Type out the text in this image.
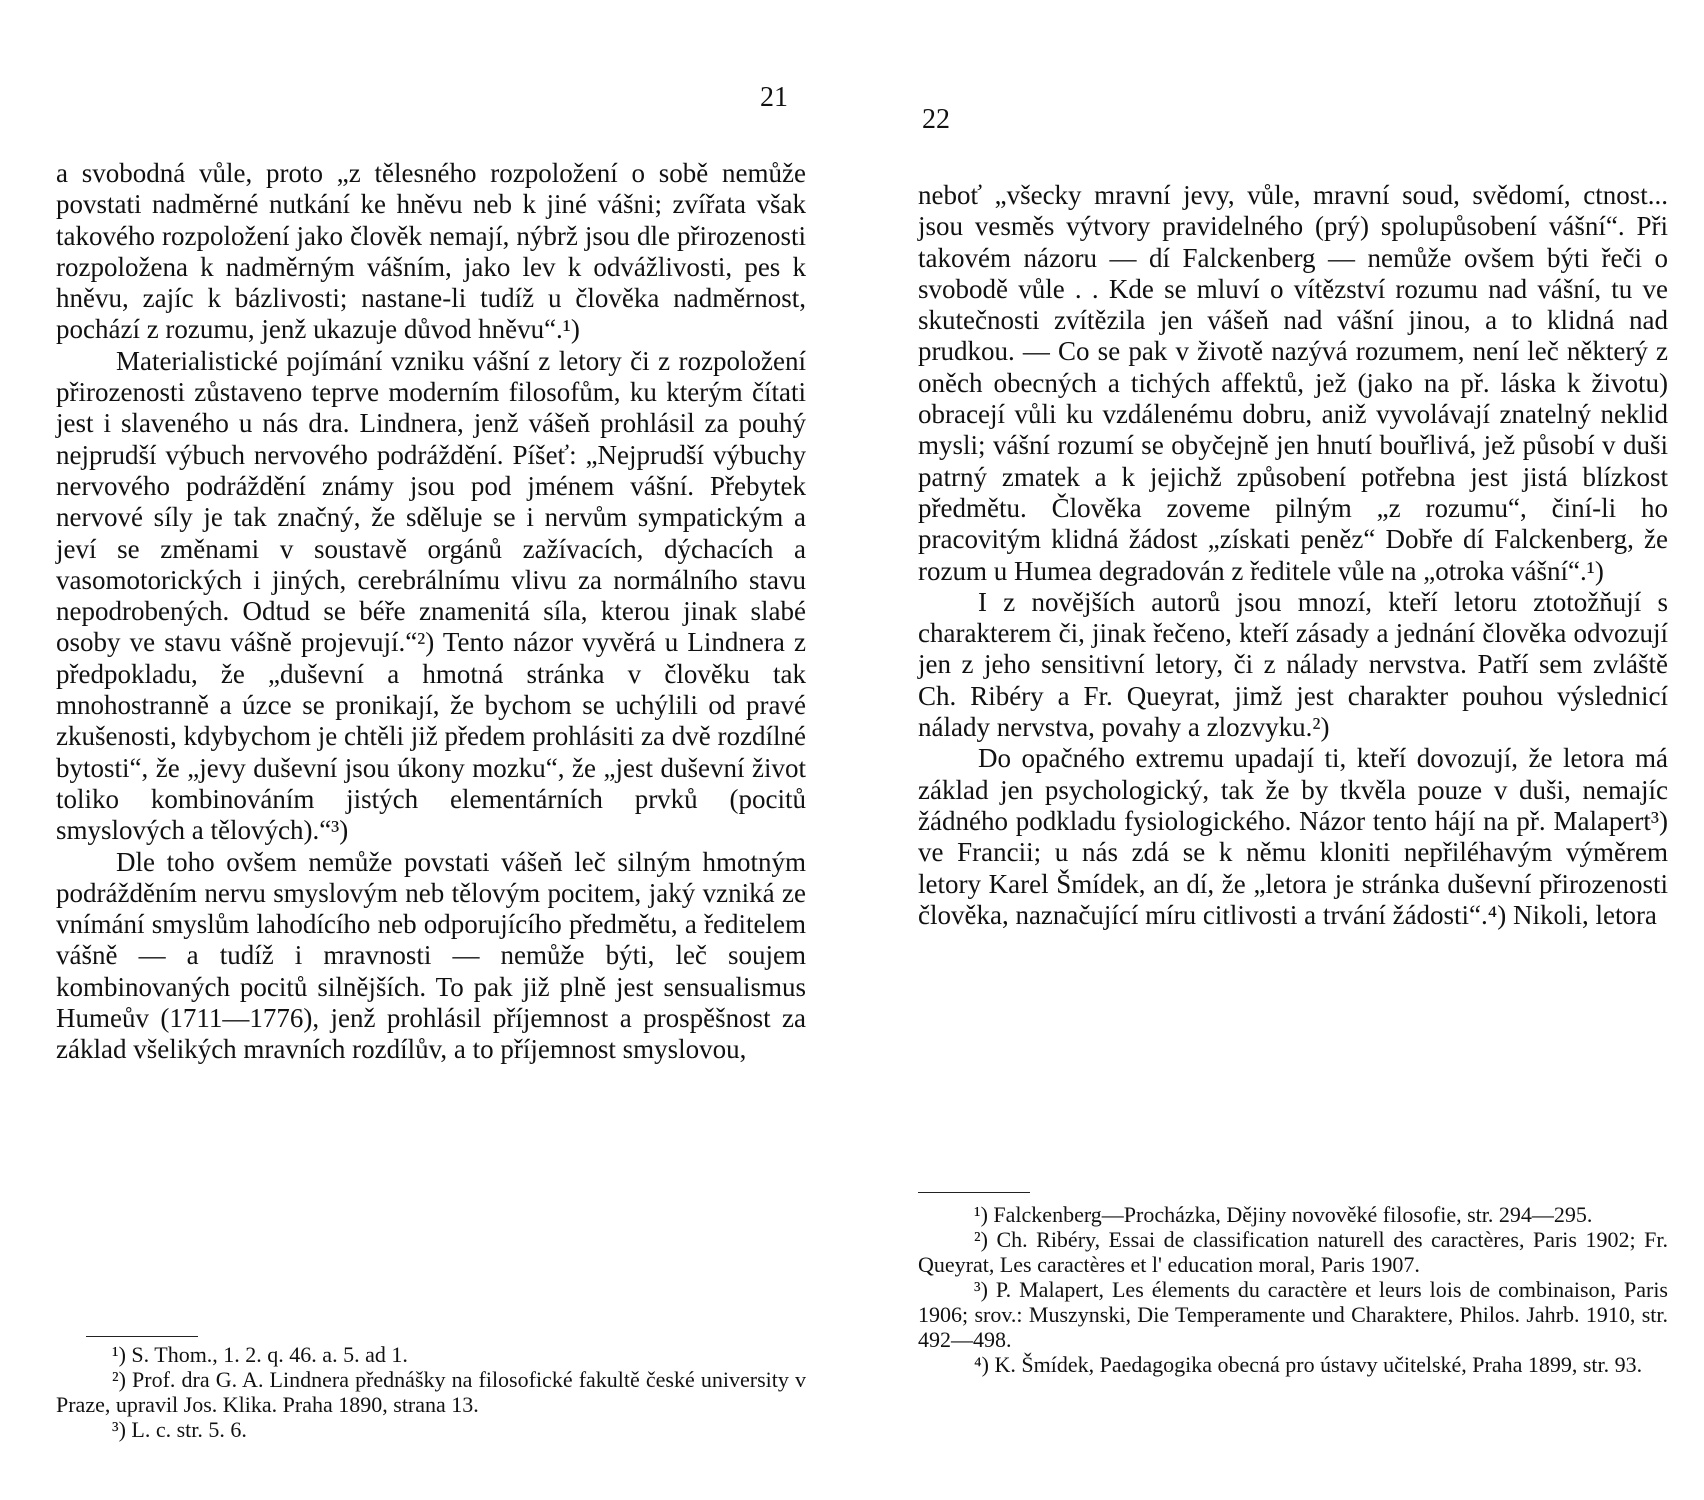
21

a svobodná vůle, proto „z tělesného rozpoložení o sobě nemůže povstati nadměrné nutkání ke hněvu neb k jiné vášni; zvířata však takového rozpoložení jako člověk nemají, nýbrž jsou dle přirozenosti rozpoložena k nadměrným vášním, jako lev k odvážlivosti, pes k hněvu, zajíc k bázlivosti; nastane-li tudíž u člověka nadměrnost, pochází z rozumu, jenž ukazuje důvod hněvu“.¹)

Materialistické pojímání vzniku vášní z letory či z rozpoložení přirozenosti zůstaveno teprve moderním filosofům, ku kterým čítati jest i slaveného u nás dra. Lindnera, jenž vášeň prohlásil za pouhý nejprudší výbuch nervového podráždění. Píšeť: „Nejprudší výbuchy nervového podráždění známy jsou pod jménem vášní. Přebytek nervové síly je tak značný, že sděluje se i nervům sympatickým a jeví se změnami v soustavě orgánů zažívacích, dýchacích a vasomotorických i jiných, cerebrálnímu vlivu za normálního stavu nepodrobených. Odtud se béře znamenitá síla, kterou jinak slabé osoby ve stavu vášně projevují.“²) Tento názor vyvěrá u Lindnera z předpokladu, že „duševní a hmotná stránka v člověku tak mnohostranně a úzce se pronikají, že bychom se uchýlili od pravé zkušenosti, kdybychom je chtěli již předem prohlásiti za dvě rozdílné bytosti“, že „jevy duševní jsou úkony mozku“, že „jest duševní život toliko kombinováním jistých elementárních prvků (pocitů smyslových a tělových).“³)

Dle toho ovšem nemůže povstati vášeň leč silným hmotným podrážděním nervu smyslovým neb tělovým pocitem, jaký vzniká ze vnímání smyslům lahodícího neb odporujícího předmětu, a ředitelem vášně — a tudíž i mravnosti — nemůže býti, leč soujem kombinovaných pocitů silnějších. To pak již plně jest sensualismus Humeův (1711—1776), jenž prohlásil příjemnost a prospěšnost za základ všelikých mravních rozdílův, a to příjemnost smyslovou,

¹) S. Thom., 1. 2. q. 46. a. 5. ad 1.

²) Prof. dra G. A. Lindnera přednášky na filosofické fakultě české university v Praze, upravil Jos. Klika. Praha 1890, strana 13.

³) L. c. str. 5. 6.

22

neboť „všecky mravní jevy, vůle, mravní soud, svědomí, ctnost... jsou vesměs výtvory pravidelného (prý) spolupůsobení vášní“. Při takovém názoru — dí Falckenberg — nemůže ovšem býti řeči o svobodě vůle . . Kde se mluví o vítězství rozumu nad vášní, tu ve skutečnosti zvítězila jen vášeň nad vášní jinou, a to klidná nad prudkou. — Co se pak v životě nazývá rozumem, není leč některý z oněch obecných a tichých affektů, jež (jako na př. láska k životu) obracejí vůli ku vzdálenému dobru, aniž vyvolávají znatelný neklid mysli; vášní rozumí se obyčejně jen hnutí bouřlivá, jež působí v duši patrný zmatek a k jejichž způsobení potřebna jest jistá blízkost předmětu. Člověka zoveme pilným „z rozumu“, činí-li ho pracovitým klidná žádost „získati peněz“ Dobře dí Falckenberg, že rozum u Humea degradován z ředitele vůle na „otroka vášní“.¹)

I z novějších autorů jsou mnozí, kteří letoru ztotožňují s charakterem či, jinak řečeno, kteří zásady a jednání člověka odvozují jen z jeho sensitivní letory, či z nálady nervstva. Patří sem zvláště Ch. Ribéry a Fr. Queyrat, jimž jest charakter pouhou výslednicí nálady nervstva, povahy a zlozvyku.²)

Do opačného extremu upadají ti, kteří dovozují, že letora má základ jen psychologický, tak že by tkvěla pouze v duši, nemajíc žádného podkladu fysiologického. Názor tento hájí na př. Malapert³) ve Francii; u nás zdá se k němu kloniti nepřiléhavým výměrem letory Karel Šmídek, an dí, že „letora je stránka duševní přirozenosti člověka, naznačující míru citlivosti a trvání žádosti“.⁴) Nikoli, letora

¹) Falckenberg—Procházka, Dějiny novověké filosofie, str. 294—295.

²) Ch. Ribéry, Essai de classification naturell des caractères, Paris 1902; Fr. Queyrat, Les caractères et l' education moral, Paris 1907.

³) P. Malapert, Les élements du caractère et leurs lois de combinaison, Paris 1906; srov.: Muszynski, Die Temperamente und Charaktere, Philos. Jahrb. 1910, str. 492—498.

⁴) K. Šmídek, Paedagogika obecná pro ústavy učitelské, Praha 1899, str. 93.
